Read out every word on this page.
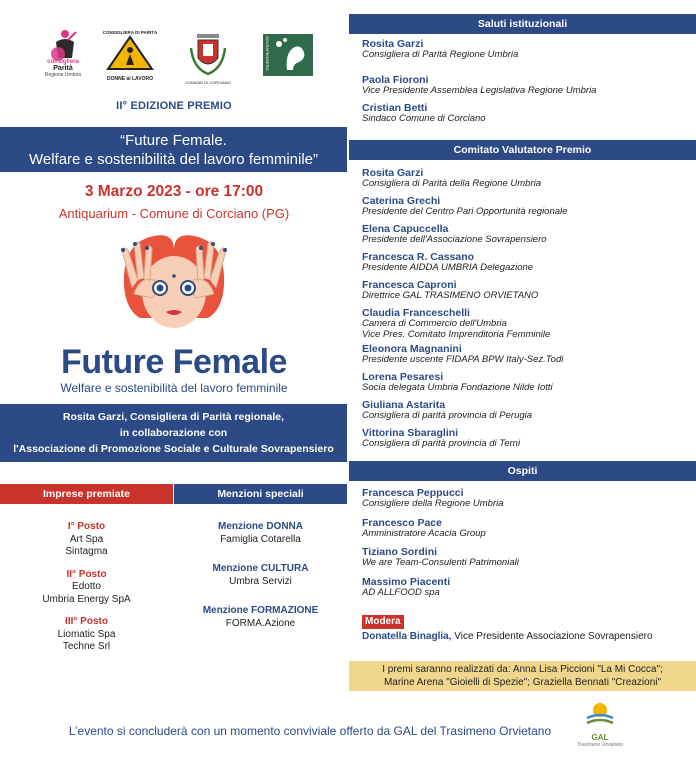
consigliera
Parità
Regione Umbria
CONSIGLIERA DI PARITÀ
DONNE al LAVORO
COMUNE DI CORCIANO
SOVRAPENSIERO
II° EDIZIONE PREMIO
“Future Female.
Welfare e sostenibilità del lavoro femminile”
3 Marzo 2023 - ore 17:00
Antiquarium - Comune di Corciano (PG)
Future Female
Welfare e sostenibilità del lavoro femminile
Rosita Garzi, Consigliera di Parità regionale,
in collaborazione con
l'Associazione di Promozione Sociale e Culturale Sovrapensiero
Imprese premiate	Menzioni speciali
I° Posto
Art Spa
Sintagma
II° Posto
Edotto
Umbria Energy SpA
III° Posto
Liomatic Spa
Techne Srl
Menzione DONNA
Famiglia Cotarella
Menzione CULTURA
Umbra Servizi
Menzione FORMAZIONE
FORMA.Azione
Saluti istituzionali
Rosita Garzi
Consigliera di Parità Regione Umbria
Paola Fioroni
Vice Presidente Assemblea Legislativa Regione Umbria
Cristian Betti
Sindaco Comune di Corciano
Comitato Valutatore Premio
Rosita Garzi
Consigliera di Parità della Regione Umbria
Caterina Grechi
Presidente del Centro Pari Opportunità regionale
Elena Capuccella
Presidente dell'Associazione Sovrapensiero
Francesca R. Cassano
Presidente AIDDA UMBRIA Delegazione
Francesca Caproni
Direttrice GAL TRASIMENO ORVIETANO
Claudia Franceschelli
Camera di Commercio dell'Umbria
Vice Pres. Comitato Imprenditoria Femminile
Eleonora Magnanini
Presidente uscente FIDAPA BPW Italy-Sez.Todi
Lorena Pesaresi
Socia delegata Umbria Fondazione Nilde Iotti
Giuliana Astarita
Consigliera di parità provincia di Perugia
Vittorina Sbaraglini
Consigliera di parità provincia di Terni
Ospiti
Francesca Peppucci
Consigliere della Regione Umbria
Francesco Pace
Amministratore Acacia Group
Tiziano Sordini
We are Team-Consulenti Patrimoniali
Massimo Piacenti
AD ALLFOOD spa
Modera
Donatella Binaglia, Vice Presidente Associazione Sovrapensiero
I premi saranno realizzati da: Anna Lisa Piccioni "La Mi Cocca";
Marine Arena "Gioielli di Spezie"; Graziella Bennati "Creazioni"
L’evento si concluderà con un momento conviviale offerto da GAL del Trasimeno Orvietano	GAL
Trasimeno Orvietano
